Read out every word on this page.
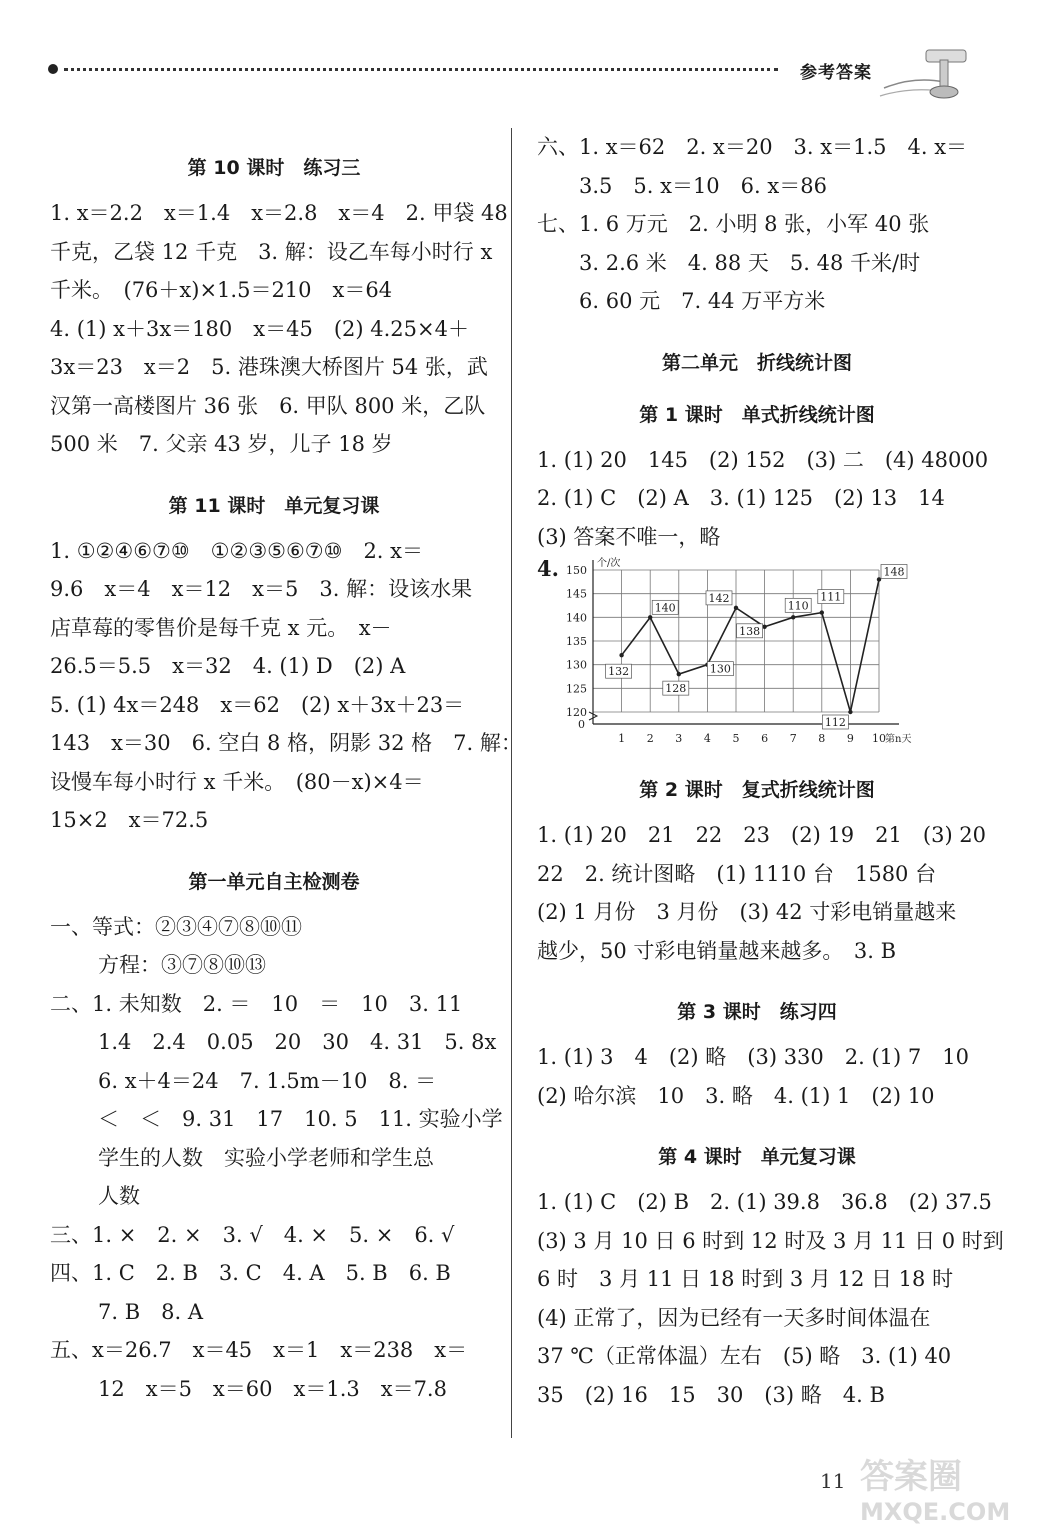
参考答案
第 10 课时　练习三
1. x＝2.2　x＝1.4　x＝2.8　x＝4　2. 甲袋 48
千克，乙袋 12 千克　3. 解：设乙车每小时行 x
千米。　(76＋x)×1.5＝210　x＝64
4. (1) x＋3x＝180　x＝45　(2) 4.25×4＋
3x＝23　x＝2　5. 港珠澳大桥图片 54 张，武
汉第一高楼图片 36 张　6. 甲队 800 米，乙队
500 米　7. 父亲 43 岁，儿子 18 岁
第 11 课时　单元复习课
1. ①②④⑥⑦⑩　①②③⑤⑥⑦⑩　2. x＝
9.6　x＝4　x＝12　x＝5　3. 解：设该水果
店草莓的零售价是每千克 x 元。　x－
26.5＝5.5　x＝32　4. (1) D　(2) A
5. (1) 4x＝248　x＝62　(2) x＋3x＋23＝
143　x＝30　6. 空白 8 格，阴影 32 格　7. 解：
设慢车每小时行 x 千米。　(80－x)×4＝
15×2　x＝72.5
第一单元自主检测卷
一、等式：②③④⑦⑧⑩⑪
方程：③⑦⑧⑩⑬
二、1. 未知数　2. ＝　10　＝　10　3. 11
1.4　2.4　0.05　20　30　4. 31　5. 8x
6. x＋4＝24　7. 1.5m－10　8. ＝
＜　＜　9. 31　17　10. 5　11. 实验小学
学生的人数　实验小学老师和学生总
人数
三、1. ×　2. ×　3. √　4. ×　5. ×　6. √
四、1. C　2. B　3. C　4. A　5. B　6. B
7. B　8. A
五、x＝26.7　x＝45　x＝1　x＝238　x＝
12　x＝5　x＝60　x＝1.3　x＝7.8
六、1. x＝62　2. x＝20　3. x＝1.5　4. x＝
3.5　5. x＝10　6. x＝86
七、1. 6 万元　2. 小明 8 张，小军 40 张
3. 2.6 米　4. 88 天　5. 48 千米/时
6. 60 元　7. 44 万平方米
第二单元　折线统计图
第 1 课时　单式折线统计图
1. (1) 20　145　(2) 152　(3) 二　(4) 48000
2. (1) C　(2) A　3. (1) 125　(2) 13　14
(3) 答案不唯一，略
4.
120
125
130
135
140
145
150
0
个/次
第n天
1 2 3 4 5 6 7 8 9 10
132
140
128
130
142
138
110
111
112
148
第 2 课时　复式折线统计图
1. (1) 20　21　22　23　(2) 19　21　(3) 20
22　2. 统计图略　(1) 1110 台　1580 台
(2) 1 月份　3 月份　(3) 42 寸彩电销量越来
越少，50 寸彩电销量越来越多。　3. B
第 3 课时　练习四
1. (1) 3　4　(2) 略　(3) 330　2. (1) 7　10
(2) 哈尔滨　10　3. 略　4. (1) 1　(2) 10
第 4 课时　单元复习课
1. (1) C　(2) B　2. (1) 39.8　36.8　(2) 37.5
(3) 3 月 10 日 6 时到 12 时及 3 月 11 日 0 时到
6 时　3 月 11 日 18 时到 3 月 12 日 18 时
(4) 正常了，因为已经有一天多时间体温在
37 ℃（正常体温）左右　(5) 略　3. (1) 40
35　(2) 16　15　30　(3) 略　4. B
答案圈
MXQE.COM
11
